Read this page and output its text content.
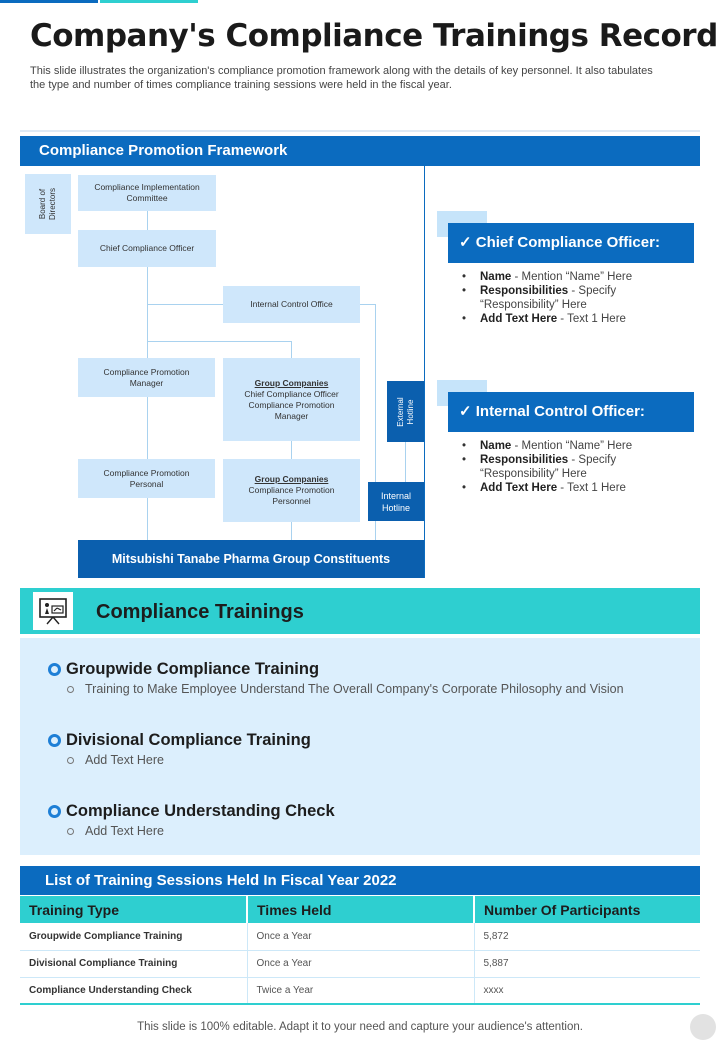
Company's Compliance Trainings Record

This slide illustrates the organization's compliance promotion framework along with the details of key personnel. It also tabulates the type and number of times compliance training sessions were held in the fiscal year.

Compliance Promotion Framework
Board of Directors
Compliance Implementation Committee
Chief Compliance Officer
Internal Control Office
Compliance Promotion Manager	Group Companies
Chief Compliance Officer Compliance Promotion Manager
Compliance Promotion Personal	Group Companies
Compliance Promotion Personnel
External Hotline
Internal Hotline
Mitsubishi Tanabe Pharma Group Constituents
✓ Chief Compliance Officer:
• Name - Mention “Name” Here
• Responsibilities - Specify “Responsibility” Here
• Add Text Here - Text 1 Here
✓ Internal Control Officer:
• Name - Mention “Name” Here
• Responsibilities - Specify “Responsibility” Here
• Add Text Here - Text 1 Here
Compliance Trainings
Groupwide Compliance Training
Training to Make Employee Understand The Overall Company's Corporate Philosophy and Vision
Divisional Compliance Training
Add Text Here
Compliance Understanding Check
Add Text Here
List of Training Sessions Held In Fiscal Year 2022
Training Type	Times Held	Number Of Participants
Groupwide Compliance Training	Once a Year	5,872
Divisional Compliance Training	Once a Year	5,887
Compliance Understanding Check	Twice a Year	xxxx
This slide is 100% editable. Adapt it to your need and capture your audience's attention.
